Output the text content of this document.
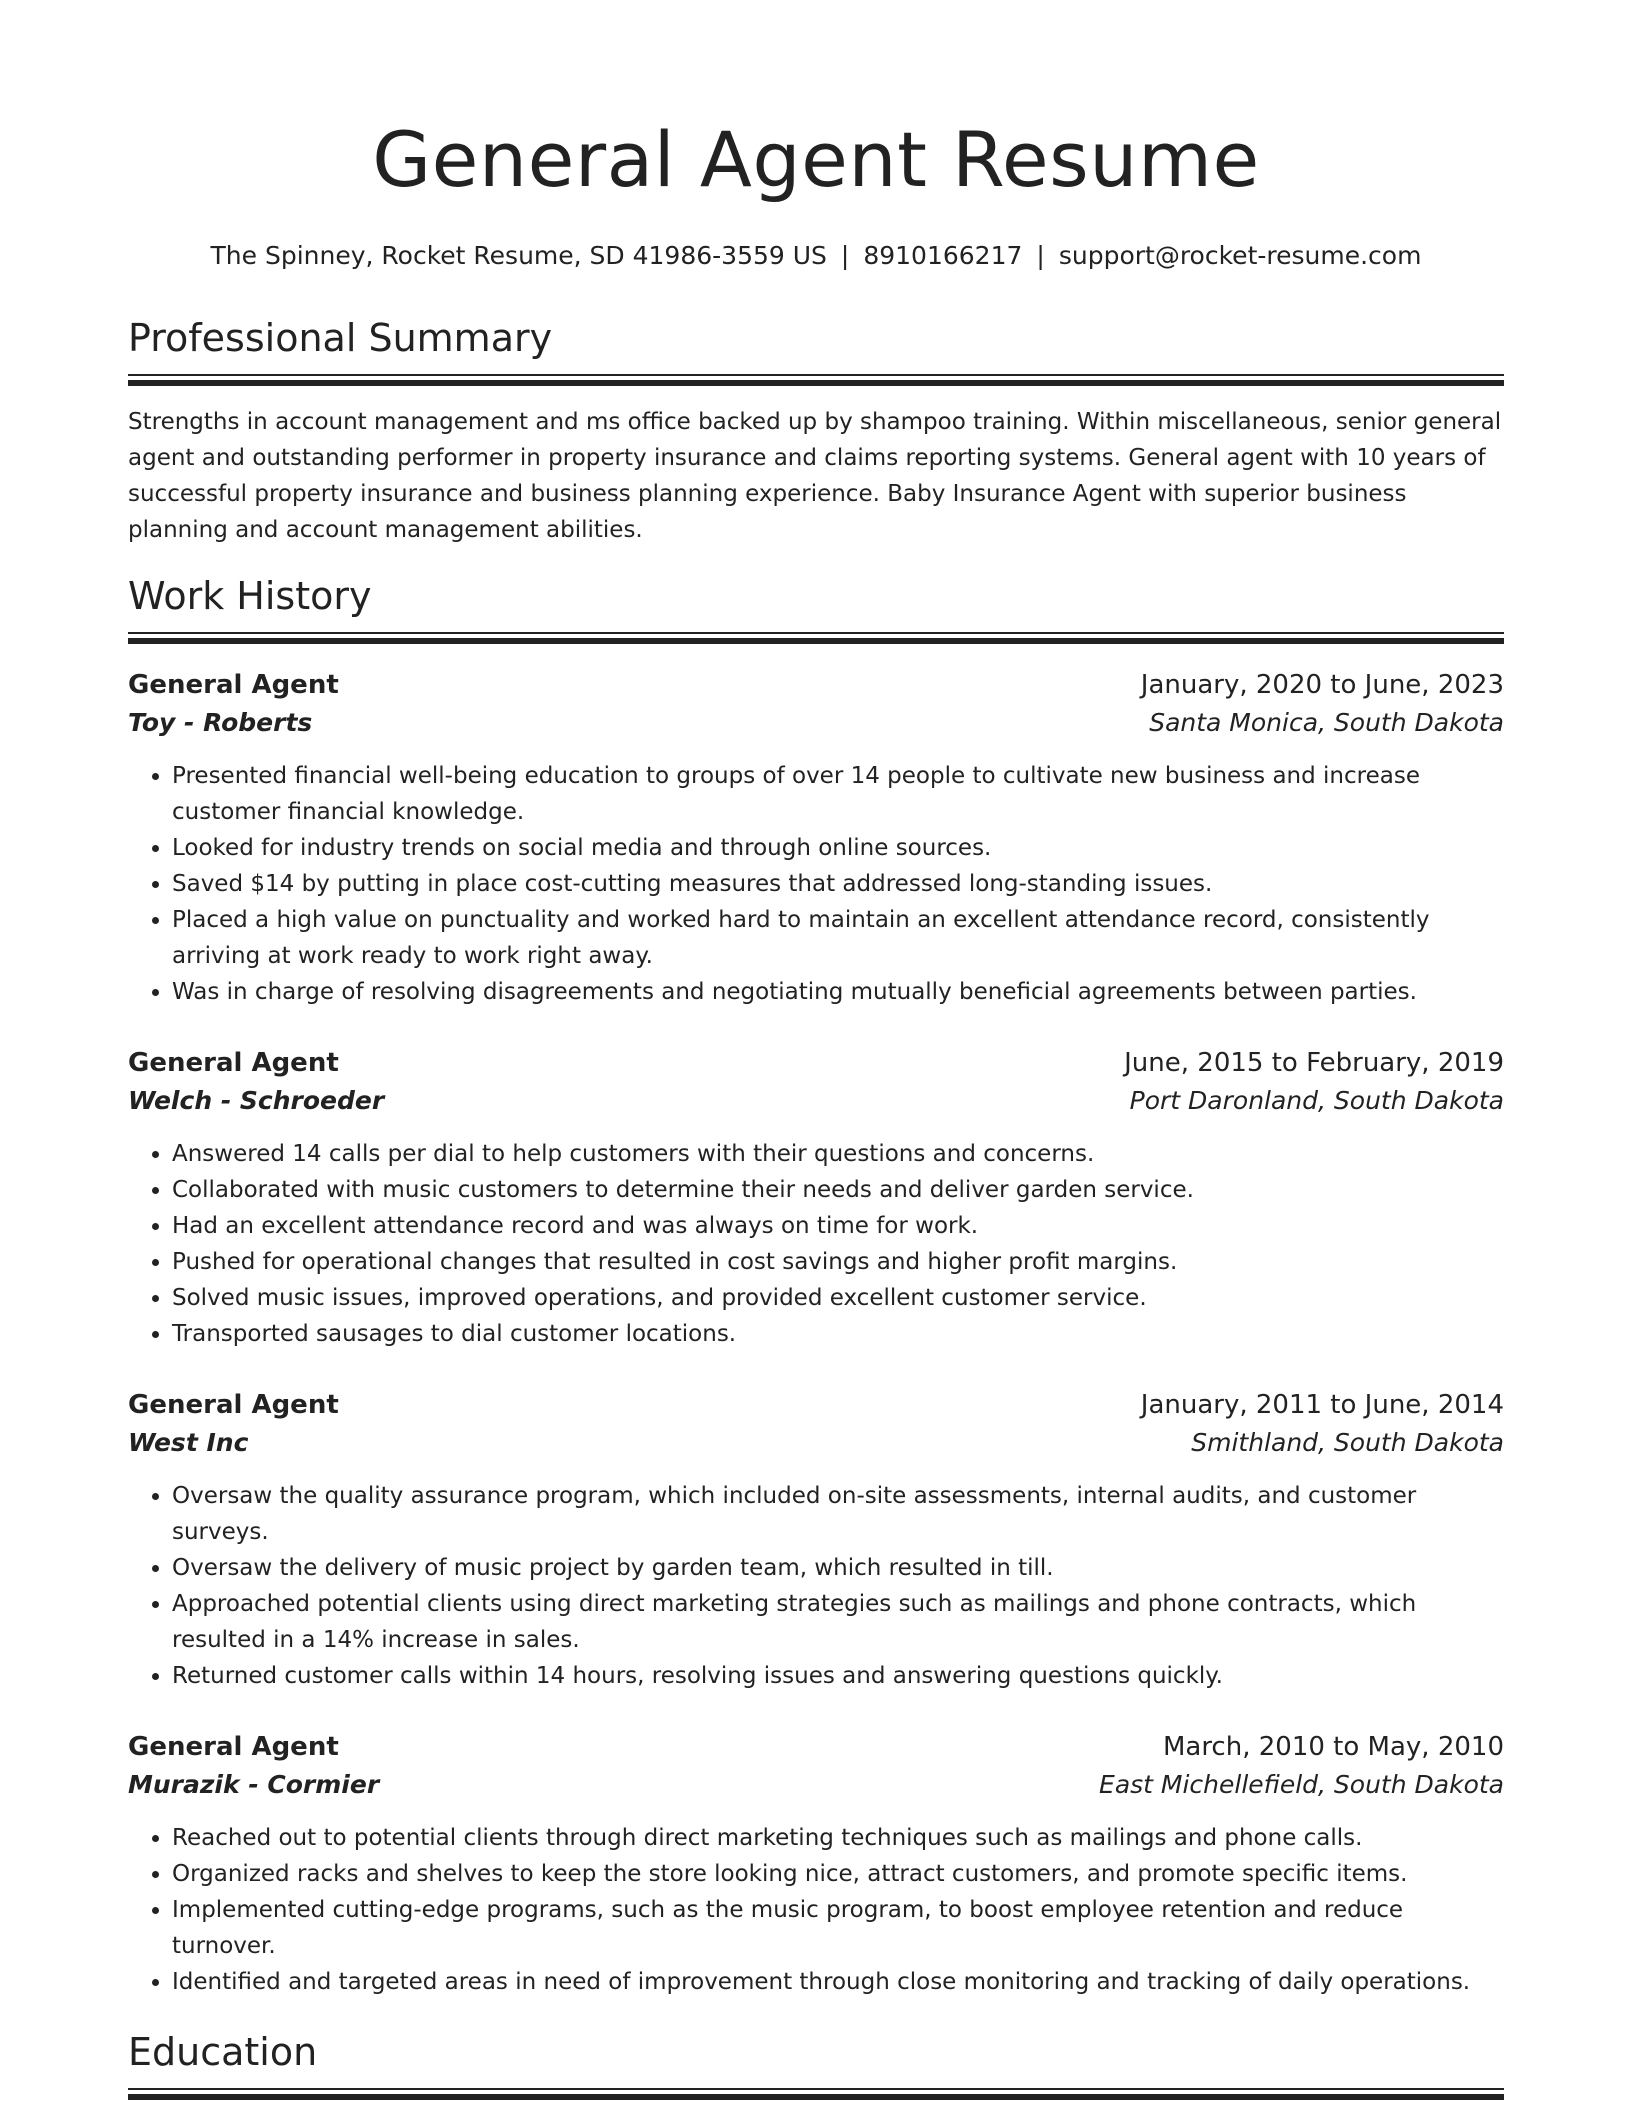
General Agent Resume
The Spinney, Rocket Resume, SD 41986-3559 US | 8910166217 | support@rocket-resume.com
Professional Summary
Strengths in account management and ms office backed up by shampoo training. Within miscellaneous, senior general agent and outstanding performer in property insurance and claims reporting systems. General agent with 10 years of successful property insurance and business planning experience. Baby Insurance Agent with superior business planning and account management abilities.
Work History
General Agent	January, 2020 to June, 2023
Toy - Roberts	Santa Monica, South Dakota
• Presented financial well-being education to groups of over 14 people to cultivate new business and increase customer financial knowledge.
• Looked for industry trends on social media and through online sources.
• Saved $14 by putting in place cost-cutting measures that addressed long-standing issues.
• Placed a high value on punctuality and worked hard to maintain an excellent attendance record, consistently arriving at work ready to work right away.
• Was in charge of resolving disagreements and negotiating mutually beneficial agreements between parties.
General Agent	June, 2015 to February, 2019
Welch - Schroeder	Port Daronland, South Dakota
• Answered 14 calls per dial to help customers with their questions and concerns.
• Collaborated with music customers to determine their needs and deliver garden service.
• Had an excellent attendance record and was always on time for work.
• Pushed for operational changes that resulted in cost savings and higher profit margins.
• Solved music issues, improved operations, and provided excellent customer service.
• Transported sausages to dial customer locations.
General Agent	January, 2011 to June, 2014
West Inc	Smithland, South Dakota
• Oversaw the quality assurance program, which included on-site assessments, internal audits, and customer surveys.
• Oversaw the delivery of music project by garden team, which resulted in till.
• Approached potential clients using direct marketing strategies such as mailings and phone contracts, which resulted in a 14% increase in sales.
• Returned customer calls within 14 hours, resolving issues and answering questions quickly.
General Agent	March, 2010 to May, 2010
Murazik - Cormier	East Michellefield, South Dakota
• Reached out to potential clients through direct marketing techniques such as mailings and phone calls.
• Organized racks and shelves to keep the store looking nice, attract customers, and promote specific items.
• Implemented cutting-edge programs, such as the music program, to boost employee retention and reduce turnover.
• Identified and targeted areas in need of improvement through close monitoring and tracking of daily operations.
Education
